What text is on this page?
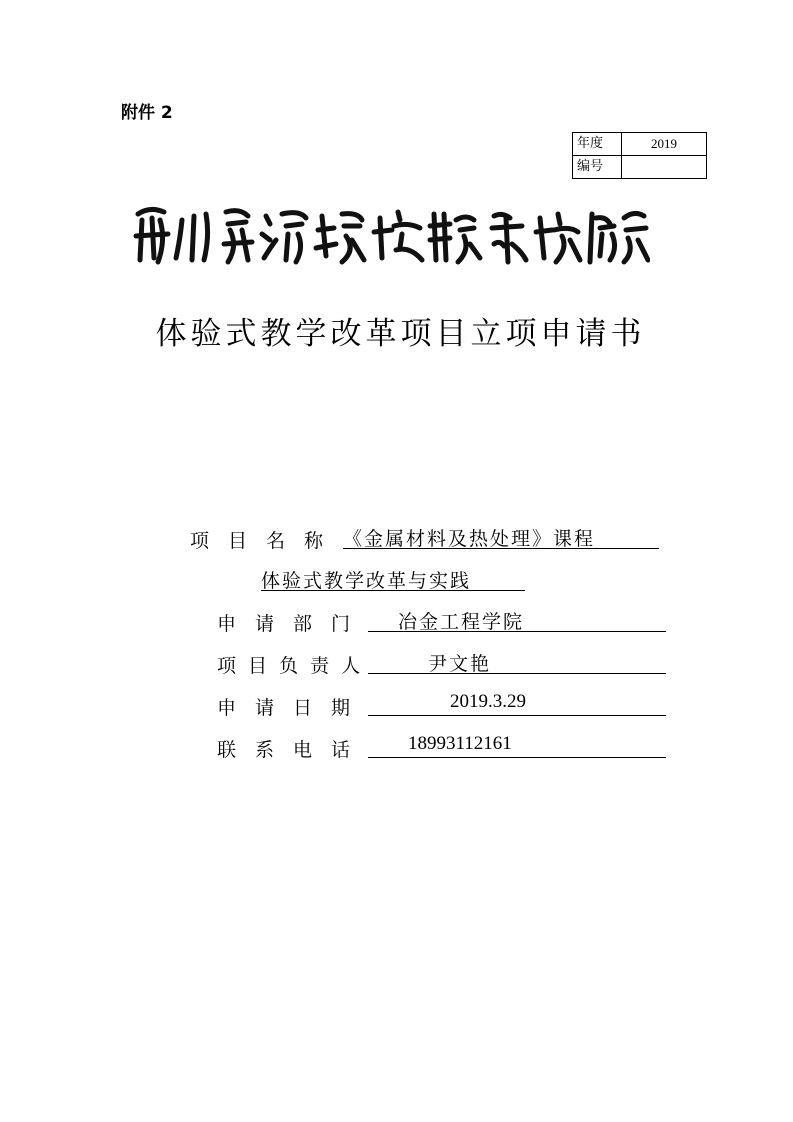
附件 2
年度	2019
编号	
体验式教学改革项目立项申请书
项　目　名　称 《金属材料及热处理》课程
体验式教学改革与实践
申　请　部　门	冶金工程学院
项 目 负 责 人	尹文艳
申　请　日　期	2019.3.29
联　系　电　话	18993112161
